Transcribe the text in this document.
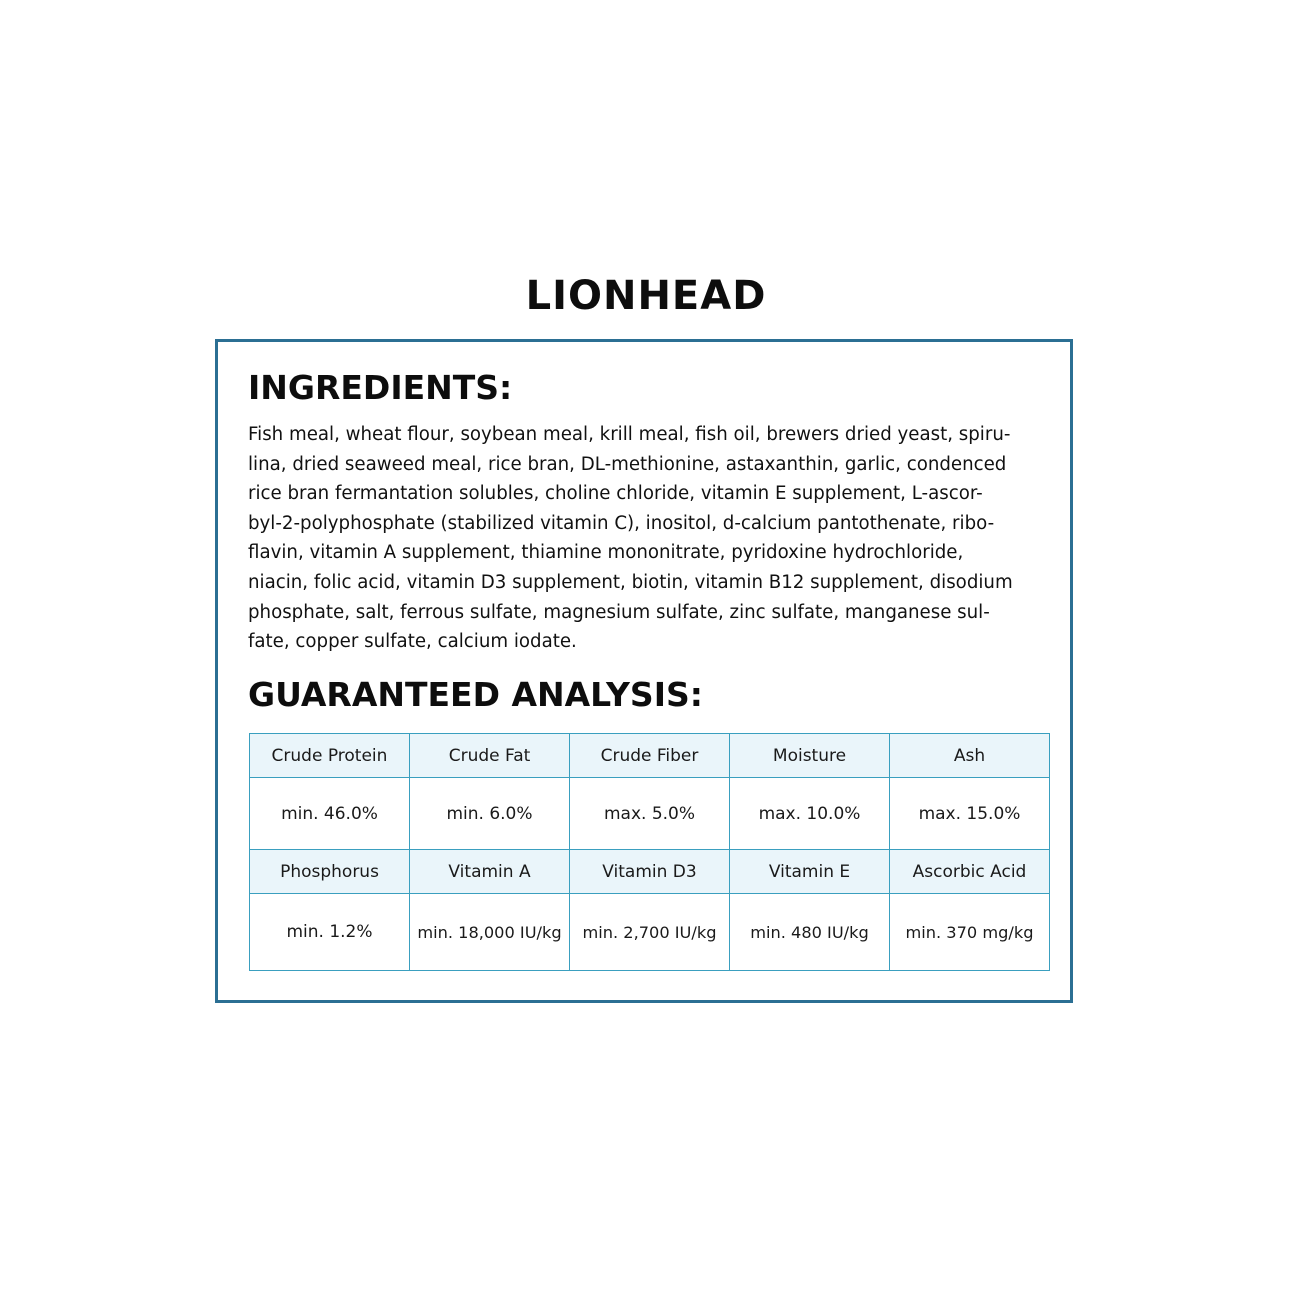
LIONHEAD
INGREDIENTS:

Fish meal, wheat flour, soybean meal, krill meal, fish oil, brewers dried yeast, spiru-
lina, dried seaweed meal, rice bran, DL-methionine, astaxanthin, garlic, condenced
rice bran fermantation solubles, choline chloride, vitamin E supplement, L-ascor-
byl-2-polyphosphate (stabilized vitamin C), inositol, d-calcium pantothenate, ribo-
flavin, vitamin A supplement, thiamine mononitrate, pyridoxine hydrochloride,
niacin, folic acid, vitamin D3 supplement, biotin, vitamin B12 supplement, disodium
phosphate, salt, ferrous sulfate, magnesium sulfate, zinc sulfate, manganese sul-
fate, copper sulfate, calcium iodate.

GUARANTEED ANALYSIS:
Crude Protein	Crude Fat	Crude Fiber	Moisture	Ash
min. 46.0%	min. 6.0%	max. 5.0%	max. 10.0%	max. 15.0%
Phosphorus	Vitamin A	Vitamin D3	Vitamin E	Ascorbic Acid
min. 1.2%	min. 18,000 IU/kg	min. 2,700 IU/kg	min. 480 IU/kg	min. 370 mg/kg
